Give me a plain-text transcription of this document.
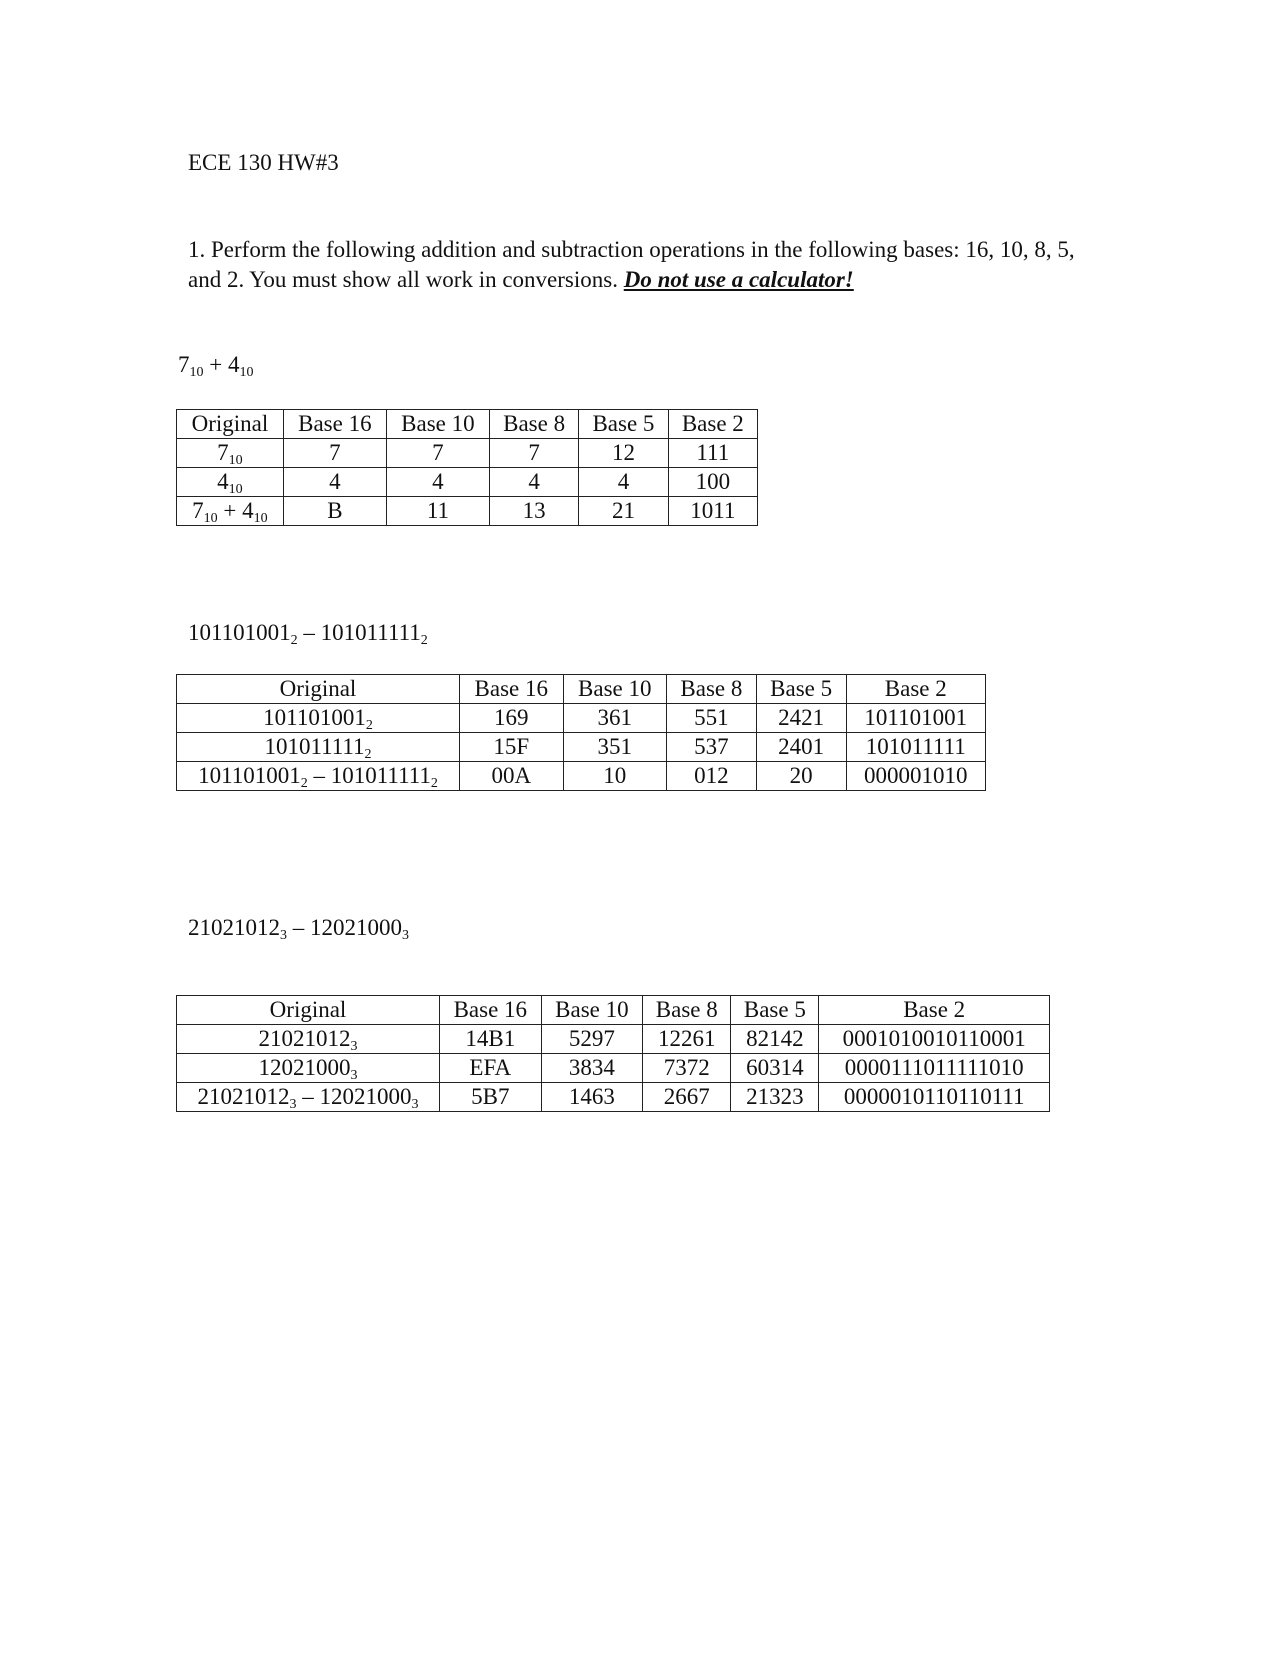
ECE 130 HW#3
1. Perform the following addition and subtraction operations in the following bases: 16, 10, 8, 5, and 2. You must show all work in conversions. Do not use a calculator!
$7_{10} + 4_{10}$
Original	Base 16	Base 10	Base 8	Base 5	Base 2
$7_{10}$	7	7	7	12	111
$4_{10}$	4	4	4	4	100
$7_{10} + 4_{10}$	B	11	13	21	1011
$101101001_2 - 101011111_2$
Original	Base 16	Base 10	Base 8	Base 5	Base 2
$101101001_2$	169	361	551	2421	101101001
$101011111_2$	15F	351	537	2401	101011111
$101101001_2 - 101011111_2$	00A	10	012	20	000001010
$21021012_3 - 12021000_3$
Original	Base 16	Base 10	Base 8	Base 5	Base 2
$21021012_3$	14B1	5297	12261	82142	0001010010110001
$12021000_3$	EFA	3834	7372	60314	0000111011111010
$21021012_3 - 12021000_3$	5B7	1463	2667	21323	0000010110110111
